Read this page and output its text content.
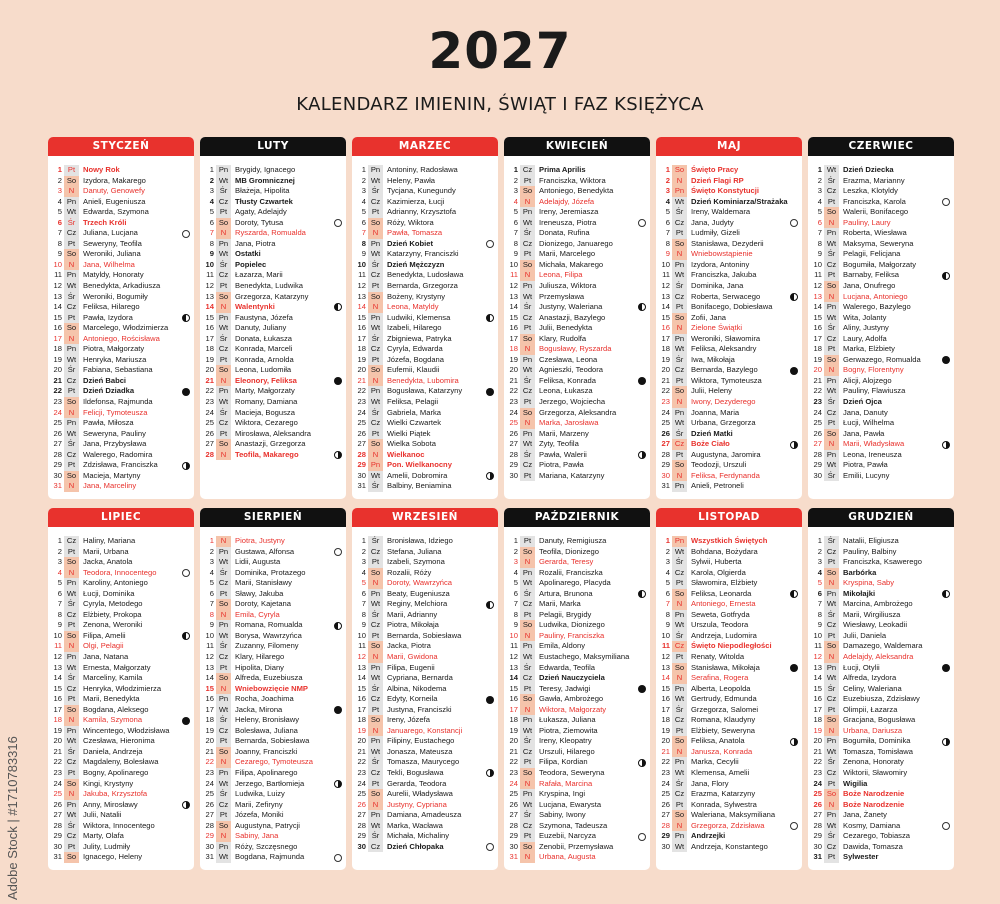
2027
KALENDARZ IMIENIN, ŚWIĄT I FAZ KSIĘŻYCA
Adobe Stock | #1710783316
STYCZEŃ
1 Pt	Nowy Rok
2 So Izydora, Makarego
3 N	Danuty, Genowefy
4 Pn Anieli, Eugeniusza
5 Wt Edwarda, Szymona
6 Śr	Trzech Króli
7 Cz Juliana, Lucjana
8 Pt	Seweryny, Teofila
9 So Weroniki, Juliana
10 N	Jana, Wilhelma
11 Pn Matyldy, Honoraty
12 Wt Benedykta, Arkadiusza
13 Śr	Weroniki, Bogumiły
14 Cz Feliksa, Hilarego
15 Pt	Pawła, Izydora
16 So Marcelego, Włodzimierza
17 N	Antoniego, Rościsława
18 Pn Piotra, Małgorzaty
19 Wt Henryka, Mariusza
20 Śr	Fabiana, Sebastiana
21 Cz Dzień Babci
22 Pt	Dzień Dziadka
23 So Ildefonsa, Rajmunda
24 N	Felicji, Tymoteusza
25 Pn Pawła, Miłosza
26 Wt Seweryna, Pauliny
27 Śr	Jana, Przybysława
28 Cz Walerego, Radomira
29 Pt	Zdzisława, Franciszka
30 So Macieja, Martyny
31 N	Jana, Marceliny
LUTY
1 Pn Brygidy, Ignacego
2 Wt MB Gromnicznej
3 Śr	Błażeja, Hipolita
4 Cz Tłusty Czwartek
5 Pt	Agaty, Adelajdy
6 So Doroty, Tytusa
7 N	Ryszarda, Romualda
8 Pn Jana, Piotra
9 Wt Ostatki
10 Śr	Popielec
11 Cz Łazarza, Marii
12 Pt	Benedykta, Ludwika
13 So Grzegorza, Katarzyny
14 N	Walentynki
15 Pn Faustyna, Józefa
16 Wt Danuty, Juliany
17 Śr	Donata, Łukasza
18 Cz Konrada, Marceli
19 Pt	Konrada, Arnolda
20 So Leona, Ludomiła
21 N	Eleonory, Feliksa
22 Pn Marty, Małgorzaty
23 Wt Romany, Damiana
24 Śr	Macieja, Bogusza
25 Cz Wiktora, Cezarego
26 Pt	Mirosława, Aleksandra
27 So Anastazji, Grzegorza
28 N	Teofila, Makarego
MARZEC
1 Pn Antoniny, Radosława
2 Wt Heleny, Pawła
3 Śr	Tycjana, Kunegundy
4 Cz Kazimierza, Łucji
5 Pt	Adrianny, Krzysztofa
6 So Róży, Wiktora
7 N	Pawła, Tomasza
8 Pn Dzień Kobiet
9 Wt Katarzyny, Franciszki
10 Śr	Dzień Mężczyzn
11 Cz Benedykta, Ludosława
12 Pt	Bernarda, Grzegorza
13 So Bożeny, Krystyny
14 N	Leona, Matyldy
15 Pn Ludwiki, Klemensa
16 Wt Izabeli, Hilarego
17 Śr	Zbigniewa, Patryka
18 Cz Cyryla, Edwarda
19 Pt	Józefa, Bogdana
20 So Eufemii, Klaudii
21 N	Benedykta, Lubomira
22 Pn Bogusława, Katarzyny
23 Wt Feliksa, Pelagii
24 Śr	Gabriela, Marka
25 Cz Wielki Czwartek
26 Pt	Wielki Piątek
27 So Wielka Sobota
28 N	Wielkanoc
29 Pn Pon. Wielkanocny
30 Wt Amelii, Dobromira
31 Śr	Balbiny, Beniamina
KWIECIEŃ
1 Cz Prima Aprilis
2 Pt	Franciszka, Wiktora
3 So Antoniego, Benedykta
4 N	Adelajdy, Józefa
5 Pn Ireny, Jeremiasza
6 Wt Ireneusza, Piotra
7 Śr	Donata, Rufina
8 Cz Dionizego, Januarego
9 Pt	Marii, Marcelego
10 So Michała, Makarego
11 N	Leona, Filipa
12 Pn Juliusza, Wiktora
13 Wt Przemysława
14 Śr	Justyny, Waleriana
15 Cz Anastazji, Bazylego
16 Pt	Julii, Benedykta
17 So Klary, Rudolfa
18 N	Bogusławy, Ryszarda
19 Pn Czesława, Leona
20 Wt Agnieszki, Teodora
21 Śr	Feliksa, Konrada
22 Cz Leona, Łukasza
23 Pt	Jerzego, Wojciecha
24 So Grzegorza, Aleksandra
25 N	Marka, Jarosława
26 Pn Marii, Marzeny
27 Wt Zyty, Teofila
28 Śr	Pawła, Walerii
29 Cz Piotra, Pawła
30 Pt	Mariana, Katarzyny
MAJ
1 So Święto Pracy
2 N	Dzień Flagi RP
3 Pn Święto Konstytucji
4 Wt Dzień Kominiarza/Strażaka
5 Śr	Ireny, Waldemara
6 Cz Jana, Judyty
7 Pt	Ludmiły, Gizeli
8 So Stanisława, Dezyderii
9 N	Wniebowstąpienie
10 Pn Izydora, Antoniny
11 Wt Franciszka, Jakuba
12 Śr	Dominika, Jana
13 Cz Roberta, Serwacego
14 Pt	Bonifacego, Dobiesława
15 So Zofii, Jana
16 N	Zielone Świątki
17 Pn Weroniki, Sławomira
18 Wt Feliksa, Aleksandry
19 Śr	Iwa, Mikołaja
20 Cz Bernarda, Bazylego
21 Pt	Wiktora, Tymoteusza
22 So Julii, Heleny
23 N	Iwony, Dezyderego
24 Pn Joanna, Maria
25 Wt Urbana, Grzegorza
26 Śr	Dzień Matki
27 Cz Boże Ciało
28 Pt	Augustyna, Jaromira
29 So Teodozji, Urszuli
30 N	Feliksa, Ferdynanda
31 Pn Anieli, Petroneli
CZERWIEC
1 Wt Dzień Dziecka
2 Śr	Erazma, Marianny
3 Cz Leszka, Klotyldy
4 Pt	Franciszka, Karola
5 So Walerii, Bonifacego
6 N	Pauliny, Laury
7 Pn Roberta, Wiesława
8 Wt Maksyma, Seweryna
9 Śr	Pelagii, Felicjana
10 Cz Bogumiła, Małgorzaty
11 Pt	Barnaby, Feliksa
12 So Jana, Onufrego
13 N	Lucjana, Antoniego
14 Pn Walerego, Bazylego
15 Wt Wita, Jolanty
16 Śr	Aliny, Justyny
17 Cz Laury, Adolfa
18 Pt	Marka, Elżbiety
19 So Gerwazego, Romualda
20 N	Bogny, Florentyny
21 Pn Alicji, Alojzego
22 Wt Pauliny, Flawiusza
23 Śr	Dzień Ojca
24 Cz Jana, Danuty
25 Pt	Łucji, Wilhelma
26 So Jana, Pawła
27 N	Marii, Władysława
28 Pn Leona, Ireneusza
29 Wt Piotra, Pawła
30 Śr	Emilii, Lucyny
LIPIEC
1 Cz Haliny, Mariana
2 Pt	Marii, Urbana
3 So Jacka, Anatola
4 N	Teodora, Innocentego
5 Pn Karoliny, Antoniego
6 Wt Łucji, Dominika
7 Śr	Cyryla, Metodego
8 Cz Elżbiety, Prokopa
9 Pt	Zenona, Weroniki
10 So Filipa, Amelii
11 N	Olgi, Pelagii
12 Pn Jana, Natana
13 Wt Ernesta, Małgorzaty
14 Śr	Marceliny, Kamila
15 Cz Henryka, Włodzimierza
16 Pt	Marii, Benedykta
17 So Bogdana, Aleksego
18 N	Kamila, Szymona
19 Pn Wincentego, Włodzisława
20 Wt Czesława, Hieronima
21 Śr	Daniela, Andrzeja
22 Cz Magdaleny, Bolesława
23 Pt	Bogny, Apolinarego
24 So Kingi, Krystyny
25 N	Jakuba, Krzysztofa
26 Pn Anny, Mirosławy
27 Wt Julii, Natalii
28 Śr	Wiktora, Innocentego
29 Cz Marty, Olafa
30 Pt	Julity, Ludmiły
31 So Ignacego, Heleny
SIERPIEŃ
1 N	Piotra, Justyny
2 Pn Gustawa, Alfonsa
3 Wt Lidii, Augusta
4 Śr	Dominika, Protazego
5 Cz Marii, Stanisławy
6 Pt	Sławy, Jakuba
7 So Doroty, Kajetana
8 N	Emila, Cyryla
9 Pn Romana, Romualda
10 Wt Borysa, Wawrzyńca
11 Śr	Zuzanny, Filomeny
12 Cz Klary, Hilarego
13 Pt	Hipolita, Diany
14 So Alfreda, Euzebiusza
15 N	Wniebowzięcie NMP
16 Pn Rocha, Joachima
17 Wt Jacka, Mirona
18 Śr	Heleny, Bronisławy
19 Cz Bolesława, Juliana
20 Pt	Bernarda, Sobiesława
21 So Joanny, Franciszki
22 N	Cezarego, Tymoteusza
23 Pn Filipa, Apolinarego
24 Wt Jerzego, Bartłomieja
25 Śr	Ludwika, Luizy
26 Cz Marii, Zefiryny
27 Pt	Józefa, Moniki
28 So Augustyna, Patrycji
29 N	Sabiny, Jana
30 Pn Róży, Szczęsnego
31 Wt Bogdana, Rajmunda
WRZESIEŃ
1 Śr	Bronisława, Idziego
2 Cz Stefana, Juliana
3 Pt	Izabeli, Szymona
4 So Rozalii, Róży
5 N	Doroty, Wawrzyńca
6 Pn Beaty, Eugeniusza
7 Wt Reginy, Melchiora
8 Śr	Marii, Adrianny
9 Cz Piotra, Mikołaja
10 Pt	Bernarda, Sobiesława
11 So Jacka, Piotra
12 N	Marii, Gwidona
13 Pn Filipa, Eugenii
14 Wt Cypriana, Bernarda
15 Śr	Albina, Nikodema
16 Cz Edyty, Korneila
17 Pt	Justyna, Franciszki
18 So Ireny, Józefa
19 N	Januarego, Konstancji
20 Pn Filipiny, Eustachego
21 Wt Jonasza, Mateusza
22 Śr	Tomasza, Maurycego
23 Cz Tekli, Bogusława
24 Pt	Gerarda, Teodora
25 So Aurelii, Władysława
26 N	Justyny, Cypriana
27 Pn Damiana, Amadeusza
28 Wt Marka, Wacława
29 Śr	Michała, Michaliny
30 Cz Dzień Chłopaka
PAŹDZIERNIK
1 Pt	Danuty, Remigiusza
2 So Teofila, Dionizego
3 N	Gerarda, Teresy
4 Pn Rozalii, Franciszka
5 Wt Apolinarego, Placyda
6 Śr	Artura, Brunona
7 Cz Marii, Marka
8 Pt	Pelagii, Brygidy
9 So Ludwika, Dionizego
10 N	Pauliny, Franciszka
11 Pn Emila, Aldony
12 Wt Eustachego, Maksymiliana
13 Śr	Edwarda, Teofila
14 Cz Dzień Nauczyciela
15 Pt	Teresy, Jadwigi
16 So Gawła, Ambrożego
17 N	Wiktora, Małgorzaty
18 Pn Łukasza, Juliana
19 Wt Piotra, Ziemowita
20 Śr	Ireny, Kleopatry
21 Cz Urszuli, Hilarego
22 Pt	Filipa, Kordian
23 So Teodora, Seweryna
24 N	Rafała, Marcina
25 Pn Kryspina, Ingi
26 Wt Lucjana, Ewarysta
27 Śr	Sabiny, Iwony
28 Cz Szymona, Tadeusza
29 Pt	Euzebii, Narcyza
30 So Zenobii, Przemysława
31 N	Urbana, Augusta
LISTOPAD
1 Pn Wszystkich Świętych
2 Wt Bohdana, Bożydara
3 Śr	Sylwii, Huberta
4 Cz Karola, Olgierda
5 Pt	Sławomira, Elżbiety
6 So Feliksa, Leonarda
7 N	Antoniego, Ernesta
8 Pn Seweta, Gotfryda
9 Wt Urszula, Teodora
10 Śr	Andrzeja, Ludomira
11 Cz Święto Niepodległości
12 Pt	Renaty, Witolda
13 So Stanisława, Mikołaja
14 N	Serafina, Rogera
15 Pn Alberta, Leopolda
16 Wt Gertrudy, Edmunda
17 Śr	Grzegorza, Salomei
18 Cz Romana, Klaudyny
19 Pt	Elżbiety, Seweryna
20 So Feliksa, Anatola
21 N	Janusza, Konrada
22 Pn Marka, Cecylii
23 Wt Klemensa, Amelii
24 Śr	Jana, Flory
25 Cz Erazma, Katarzyny
26 Pt	Konrada, Sylwestra
27 So Waleriana, Maksymiliana
28 N	Grzegorza, Zdzisława
29 Pn Andrzejki
30 Wt Andrzeja, Konstantego
GRUDZIEŃ
1 Śr	Natalii, Eligiusza
2 Cz Pauliny, Balbiny
3 Pt	Franciszka, Ksawerego
4 So Barbórka
5 N	Kryspina, Saby
6 Pn Mikołajki
7 Wt Marcina, Ambrożego
8 Śr	Marii, Wirgiliusza
9 Cz Wiesławy, Leokadii
10 Pt	Julii, Daniela
11 So Damazego, Waldemara
12 N	Adelajdy, Aleksandra
13 Pn Łucji, Otylii
14 Wt Alfreda, Izydora
15 Śr	Celiny, Waleriana
16 Cz Euzebiusza, Zdzisławy
17 Pt	Olimpii, Łazarza
18 So Gracjana, Bogusława
19 N	Urbana, Dariusza
20 Pn Bogumiła, Dominika
21 Wt Tomasza, Tomisława
22 Śr	Zenona, Honoraty
23 Cz Wiktorii, Sławomiry
24 Pt	Wigilia
25 So Boże Narodzenie
26 N	Boże Narodzenie
27 Pn Jana, Żanety
28 Wt Kosmy, Damiana
29 Śr	Cezarego, Tobiasza
30 Cz Dawida, Tomasza
31 Pt	Sylwester
